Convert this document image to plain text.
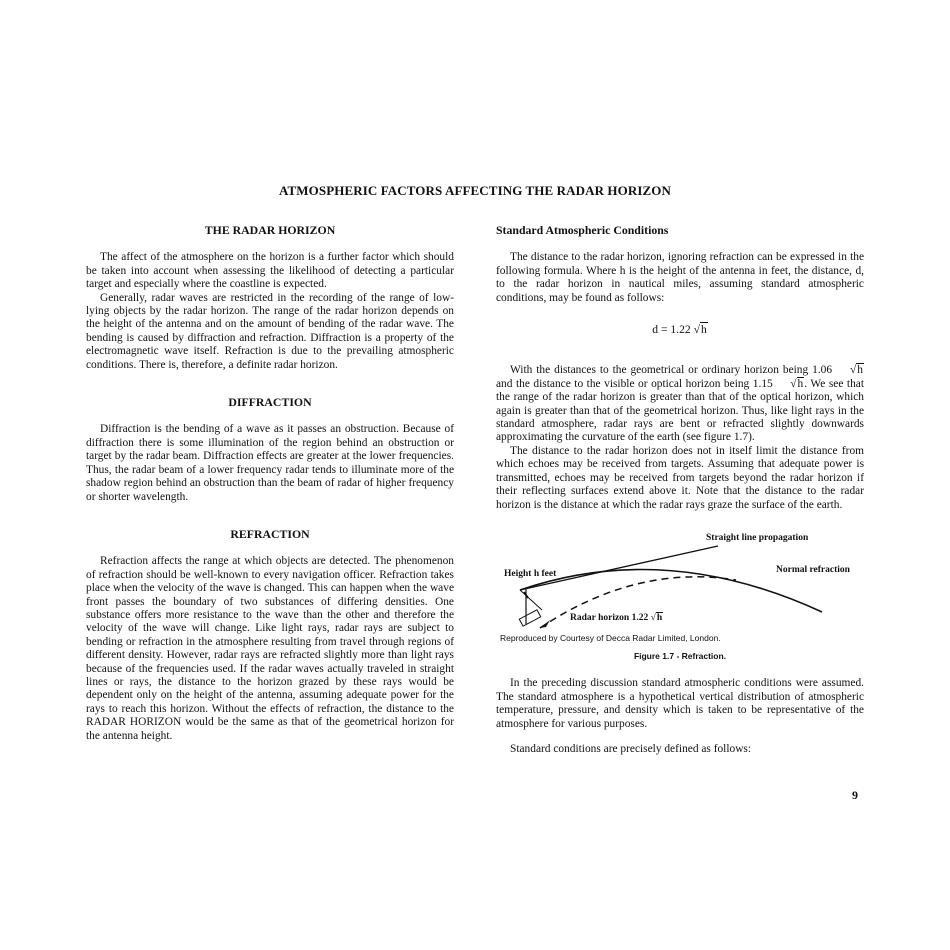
ATMOSPHERIC FACTORS AFFECTING THE RADAR HORIZON
THE RADAR HORIZON

The affect of the atmosphere on the horizon is a further factor which should be taken into account when assessing the likelihood of detecting a particular target and especially where the coastline is expected.

Generally, radar waves are restricted in the recording of the range of low-lying objects by the radar horizon. The range of the radar horizon depends on the height of the antenna and on the amount of bending of the radar wave. The bending is caused by diffraction and refraction. Diffraction is a property of the electromagnetic wave itself. Refraction is due to the prevailing atmospheric conditions. There is, therefore, a definite radar horizon.

DIFFRACTION

Diffraction is the bending of a wave as it passes an obstruction. Because of diffraction there is some illumination of the region behind an obstruction or target by the radar beam. Diffraction effects are greater at the lower frequencies. Thus, the radar beam of a lower frequency radar tends to illuminate more of the shadow region behind an obstruction than the beam of radar of higher frequency or shorter wavelength.

REFRACTION

Refraction affects the range at which objects are detected. The phenomenon of refraction should be well-known to every navigation officer. Refraction takes place when the velocity of the wave is changed. This can happen when the wave front passes the boundary of two substances of differing densities. One substance offers more resistance to the wave than the other and therefore the velocity of the wave will change. Like light rays, radar rays are subject to bending or refraction in the atmosphere resulting from travel through regions of different density. However, radar rays are refracted slightly more than light rays because of the frequencies used. If the radar waves actually traveled in straight lines or rays, the distance to the horizon grazed by these rays would be dependent only on the height of the antenna, assuming adequate power for the rays to reach this horizon. Without the effects of refraction, the distance to the RADAR HORIZON would be the same as that of the geometrical horizon for the antenna height.

Standard Atmospheric Conditions

The distance to the radar horizon, ignoring refraction can be expressed in the following formula. Where h is the height of the antenna in feet, the distance, d, to the radar horizon in nautical miles, assuming standard atmospheric conditions, may be found as follows:

d = 1.22 √h

With the distances to the geometrical or ordinary horizon being 1.06 √h and the distance to the visible or optical horizon being 1.15 √h. We see that the range of the radar horizon is greater than that of the optical horizon, which again is greater than that of the geometrical horizon. Thus, like light rays in the standard atmosphere, radar rays are bent or refracted slightly downwards approximating the curvature of the earth (see figure 1.7).

The distance to the radar horizon does not in itself limit the distance from which echoes may be received from targets. Assuming that adequate power is transmitted, echoes may be received from targets beyond the radar horizon if their reflecting surfaces extend above it. Note that the distance to the radar horizon is the distance at which the radar rays graze the surface of the earth.

Straight line propagation
Normal refraction
Height h feet
Radar horizon 1.22 √h
Reproduced by Courtesy of Decca Radar Limited, London.
Figure 1.7 - Refraction.

In the preceding discussion standard atmospheric conditions were assumed. The standard atmosphere is a hypothetical vertical distribution of atmospheric temperature, pressure, and density which is taken to be representative of the atmosphere for various purposes.

Standard conditions are precisely defined as follows:

9
